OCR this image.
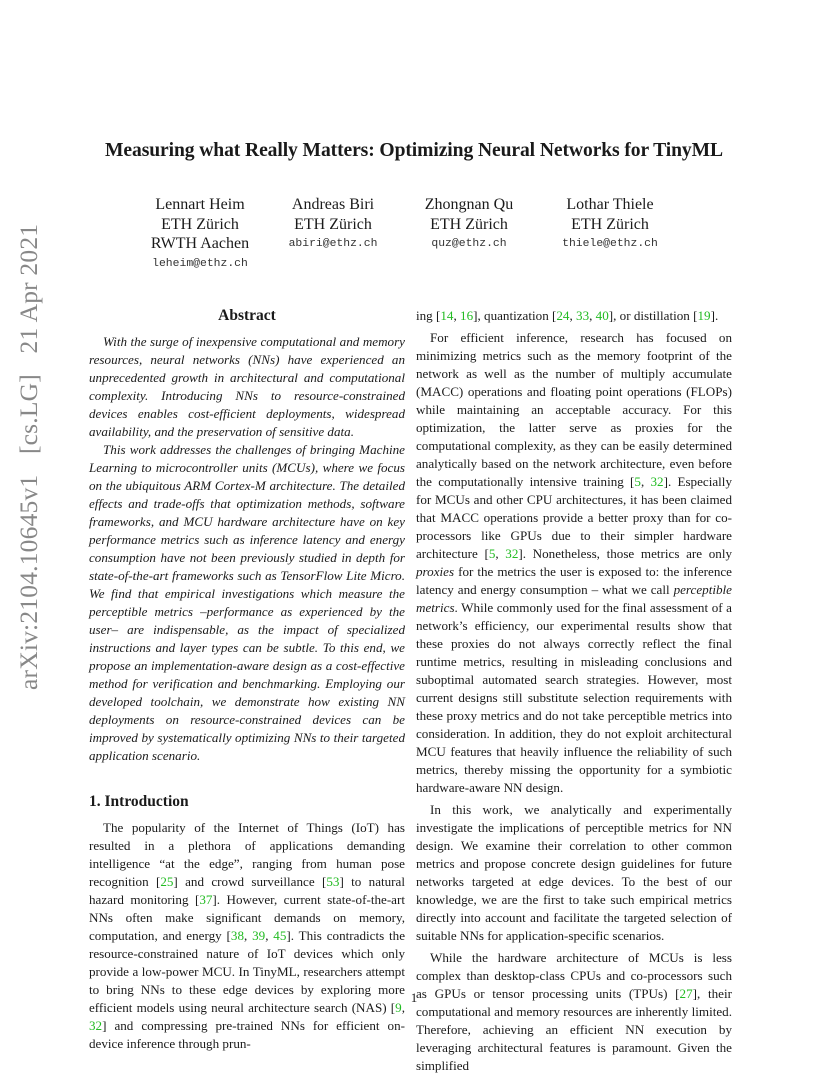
arXiv:2104.10645v1 [cs.LG] 21 Apr 2021
Measuring what Really Matters: Optimizing Neural Networks for TinyML
Lennart Heim
ETH Zürich
RWTH Aachen
leheim@ethz.ch
Andreas Biri
ETH Zürich
abiri@ethz.ch
Zhongnan Qu
ETH Zürich
quz@ethz.ch
Lothar Thiele
ETH Zürich
thiele@ethz.ch
Abstract

With the surge of inexpensive computational and memory resources, neural networks (NNs) have experienced an unprecedented growth in architectural and computational complexity. Introducing NNs to resource-constrained devices enables cost-efficient deployments, widespread availability, and the preservation of sensitive data.

This work addresses the challenges of bringing Machine Learning to microcontroller units (MCUs), where we focus on the ubiquitous ARM Cortex-M architecture. The detailed effects and trade-offs that optimization methods, software frameworks, and MCU hardware architecture have on key performance metrics such as inference latency and energy consumption have not been previously studied in depth for state-of-the-art frameworks such as TensorFlow Lite Micro. We find that empirical investigations which measure the perceptible metrics –performance as experienced by the user– are indispensable, as the impact of specialized instructions and layer types can be subtle. To this end, we propose an implementation-aware design as a cost-effective method for verification and benchmarking. Employing our developed toolchain, we demonstrate how existing NN deployments on resource-constrained devices can be improved by systematically optimizing NNs to their targeted application scenario.

1. Introduction

The popularity of the Internet of Things (IoT) has resulted in a plethora of applications demanding intelligence “at the edge”, ranging from human pose recognition [25] and crowd surveillance [53] to natural hazard monitoring [37]. However, current state-of-the-art NNs often make significant demands on memory, computation, and energy [38, 39, 45]. This contradicts the resource-constrained nature of IoT devices which only provide a low-power MCU. In TinyML, researchers attempt to bring NNs to these edge devices by exploring more efficient models using neural architecture search (NAS) [9, 32] and compressing pre-trained NNs for efficient on-device inference through prun-

ing [14, 16], quantization [24, 33, 40], or distillation [19].

For efficient inference, research has focused on minimizing metrics such as the memory footprint of the network as well as the number of multiply accumulate (MACC) operations and floating point operations (FLOPs) while maintaining an acceptable accuracy. For this optimization, the latter serve as proxies for the computational complexity, as they can be easily determined analytically based on the network architecture, even before the computationally intensive training [5, 32]. Especially for MCUs and other CPU architectures, it has been claimed that MACC operations provide a better proxy than for co-processors like GPUs due to their simpler hardware architecture [5, 32]. Nonetheless, those metrics are only proxies for the metrics the user is exposed to: the inference latency and energy consumption – what we call perceptible metrics. While commonly used for the final assessment of a network’s efficiency, our experimental results show that these proxies do not always correctly reflect the final runtime metrics, resulting in misleading conclusions and suboptimal automated search strategies. However, most current designs still substitute selection requirements with these proxy metrics and do not take perceptible metrics into consideration. In addition, they do not exploit architectural MCU features that heavily influence the reliability of such metrics, thereby missing the opportunity for a symbiotic hardware-aware NN design.

In this work, we analytically and experimentally investigate the implications of perceptible metrics for NN design. We examine their correlation to other common metrics and propose concrete design guidelines for future networks targeted at edge devices. To the best of our knowledge, we are the first to take such empirical metrics directly into account and facilitate the targeted selection of suitable NNs for application-specific scenarios.

While the hardware architecture of MCUs is less complex than desktop-class CPUs and co-processors such as GPUs or tensor processing units (TPUs) [27], their computational and memory resources are inherently limited. Therefore, achieving an efficient NN execution by leveraging architectural features is paramount. Given the simplified

1
